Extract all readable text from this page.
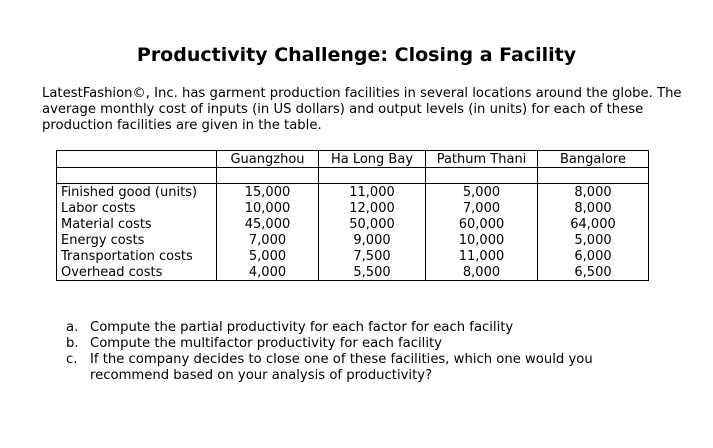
Productivity Challenge: Closing a Facility

LatestFashion©, Inc. has garment production facilities in several locations around the globe. The average monthly cost of inputs (in US dollars) and output levels (in units) for each of these production facilities are given in the table.

	Guangzhou	Ha Long Bay	Pathum Thani	Bangalore

Finished good (units)	15,000	11,000	5,000	8,000
Labor costs	10,000	12,000	7,000	8,000
Material costs	45,000	50,000	60,000	64,000
Energy costs	7,000	9,000	10,000	5,000
Transportation costs	5,000	7,500	11,000	6,000
Overhead costs	4,000	5,500	8,000	6,500
a. Compute the partial productivity for each factor for each facility
b. Compute the multifactor productivity for each facility
c. If the company decides to close one of these facilities, which one would you recommend based on your analysis of productivity?
